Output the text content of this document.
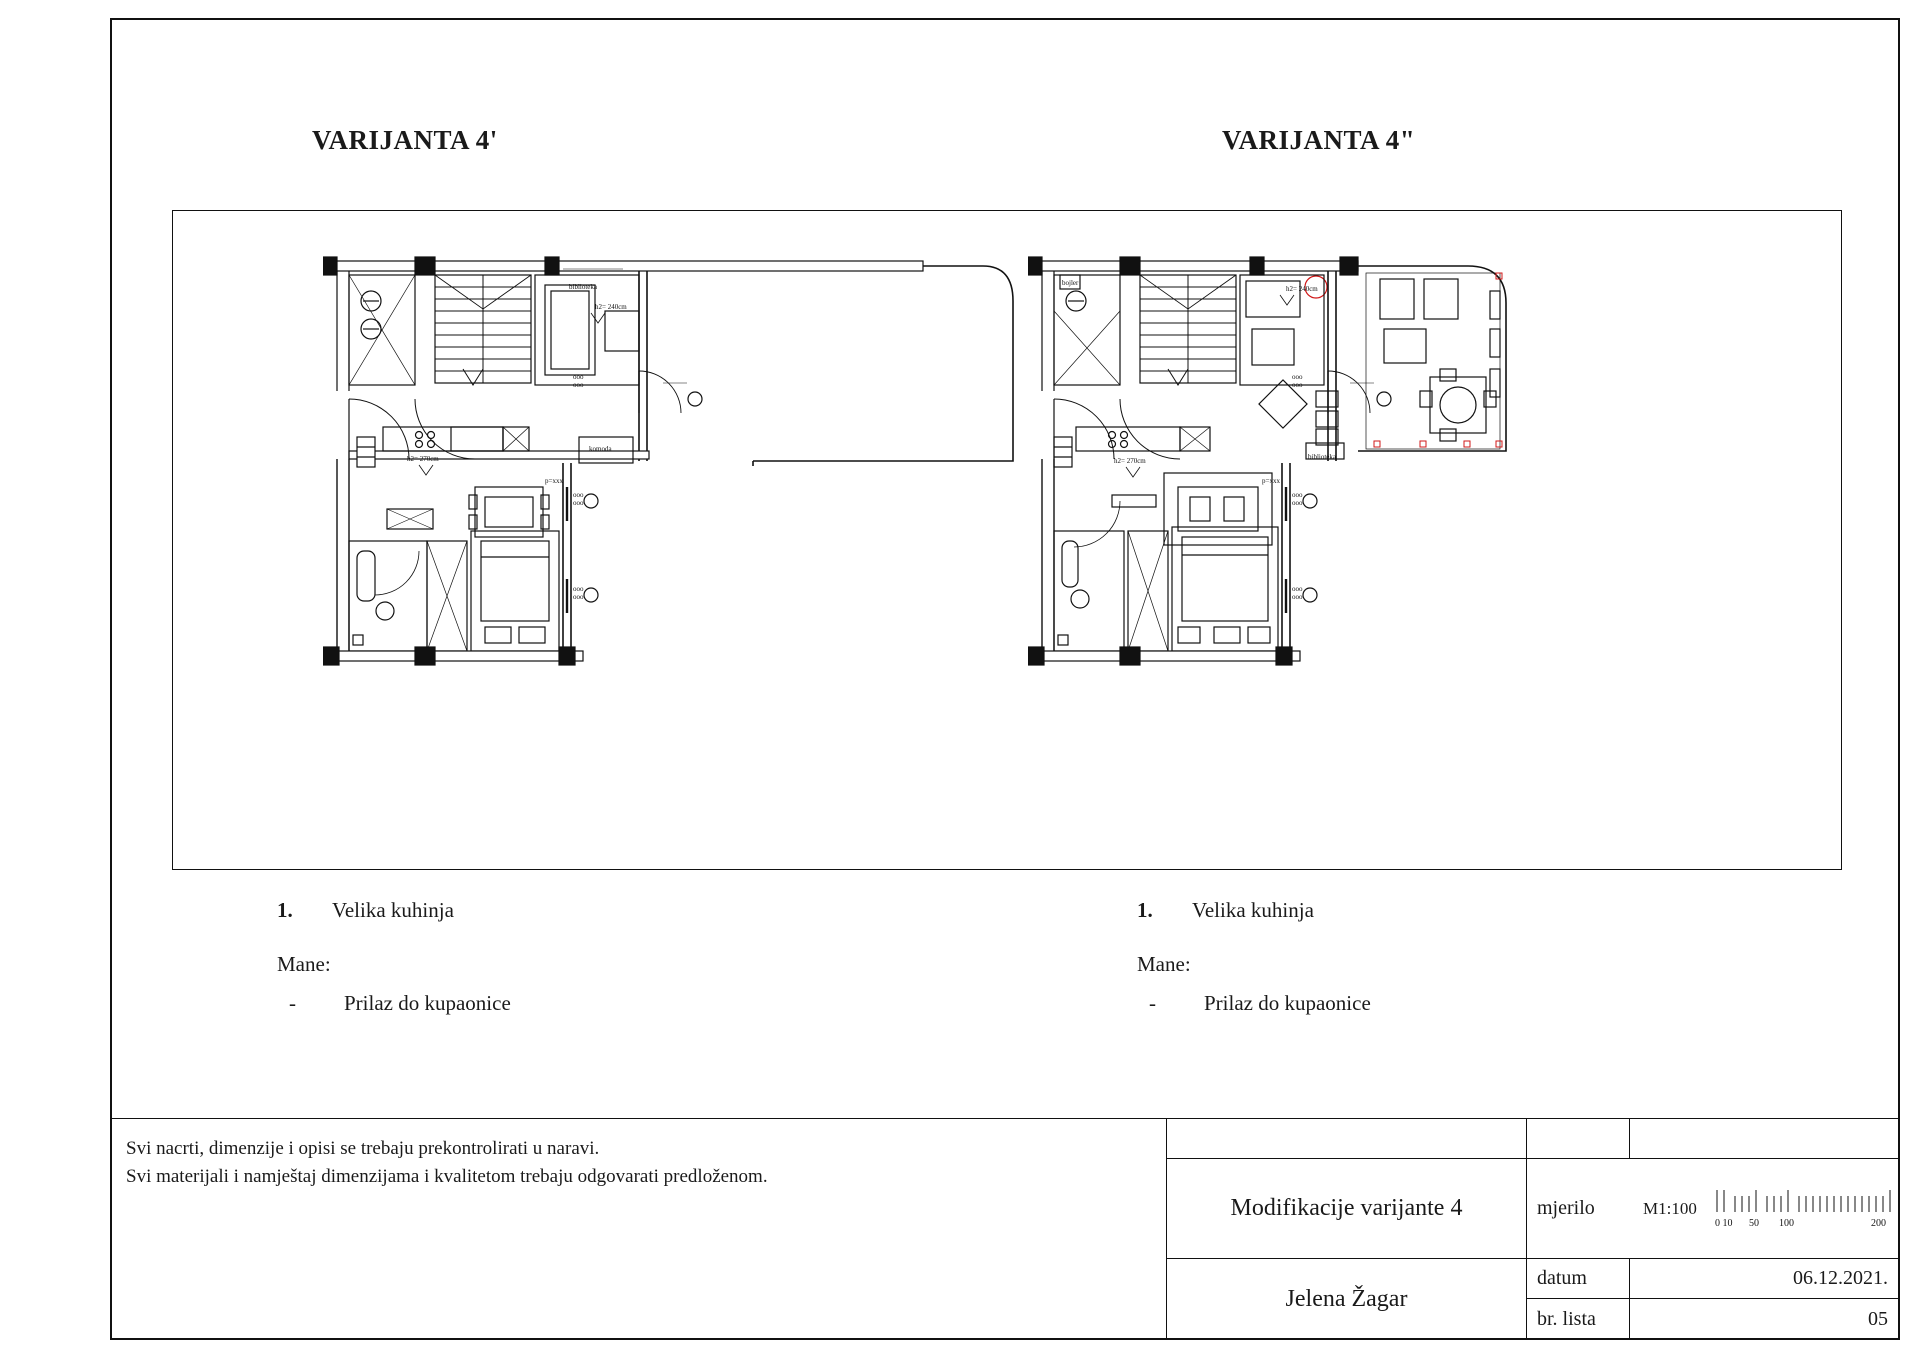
VARIJANTA 4'	VARIJANTA 4"
h2= 240cm
h2= 270cm
komoda
biblioteka
ooo
ooo
ooo
ooo
ooo
ooo
p=xxx
h2= 240cm
h2= 270cm	biblioteka
bojler
ooo
ooo
ooo
ooo
ooo
ooo
p=xxx
1.	Velika kuhinja
Mane:
-	Prilaz do kupaonice
1.	Velika kuhinja
Mane:
-	Prilaz do kupaonice
Svi nacrti, dimenzije i opisi se trebaju prekontrolirati u naravi.
Svi materijali i namještaj dimenzijama i kvalitetom trebaju odgovarati predloženom.
Modifikacije varijante 4
Jelena Žagar
mjerilo	M1:100
0 10 50 100	200
datum	06.12.2021.
br. lista	05
